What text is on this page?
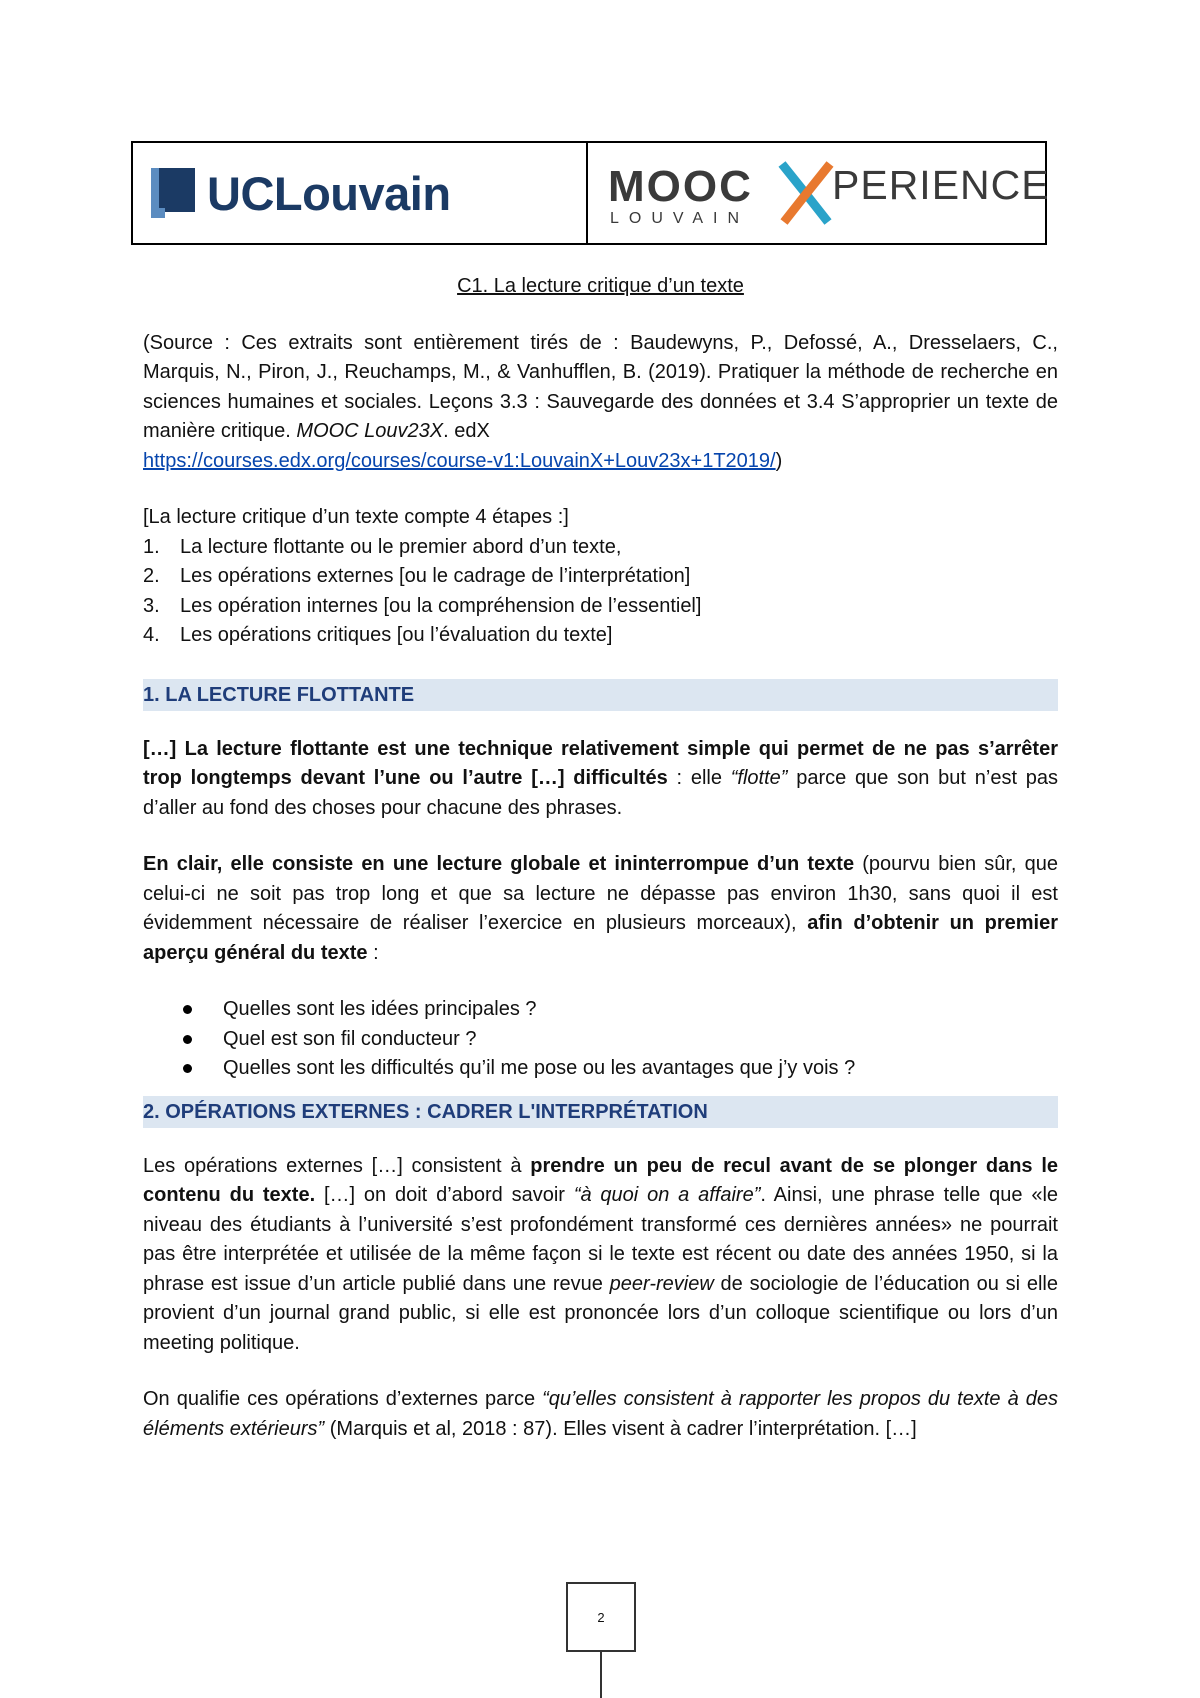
UCLouvain	MOOC PERIENCE
LOUVAIN

C1. La lecture critique d’un texte

(Source : Ces extraits sont entièrement tirés de : Baudewyns, P., Defossé, A., Dresselaers, C., Marquis, N., Piron, J., Reuchamps, M., & Vanhufflen, B. (2019). Pratiquer la méthode de recherche en sciences humaines et sociales. Leçons 3.3 : Sauvegarde des données et 3.4 S’approprier un texte de manière critique. MOOC Louv23X. edX
https://courses.edx.org/courses/course-v1:LouvainX+Louv23x+1T2019/)

[La lecture critique d’un texte compte 4 étapes :]

1.	La lecture flottante ou le premier abord d’un texte,
2.	Les opérations externes [ou le cadrage de l’interprétation]
3.	Les opération internes [ou la compréhension de l’essentiel]
4.	Les opérations critiques [ou l’évaluation du texte]

1. LA LECTURE FLOTTANTE

[…] La lecture flottante est une technique relativement simple qui permet de ne pas s’arrêter trop longtemps devant l’une ou l’autre […] difficultés : elle “flotte” parce que son but n’est pas d’aller au fond des choses pour chacune des phrases.

En clair, elle consiste en une lecture globale et ininterrompue d’un texte (pourvu bien sûr, que celui-ci ne soit pas trop long et que sa lecture ne dépasse pas environ 1h30, sans quoi il est évidemment nécessaire de réaliser l’exercice en plusieurs morceaux), afin d’obtenir un premier aperçu général du texte :

Quelles sont les idées principales ?
Quel est son fil conducteur ?
Quelles sont les difficultés qu’il me pose ou les avantages que j’y vois ?

2. OPÉRATIONS EXTERNES : CADRER L'INTERPRÉTATION

Les opérations externes […] consistent à prendre un peu de recul avant de se plonger dans le contenu du texte. […] on doit d’abord savoir “à quoi on a affaire”. Ainsi, une phrase telle que «le niveau des étudiants à l’université s’est profondément transformé ces dernières années» ne pourrait pas être interprétée et utilisée de la même façon si le texte est récent ou date des années 1950, si la phrase est issue d’un article publié dans une revue peer-review de sociologie de l’éducation ou si elle provient d’un journal grand public, si elle est prononcée lors d’un colloque scientifique ou lors d’un meeting politique.

On qualifie ces opérations d’externes parce “qu’elles consistent à rapporter les propos du texte à des éléments extérieurs” (Marquis et al, 2018 : 87). Elles visent à cadrer l’interprétation. […]

2
